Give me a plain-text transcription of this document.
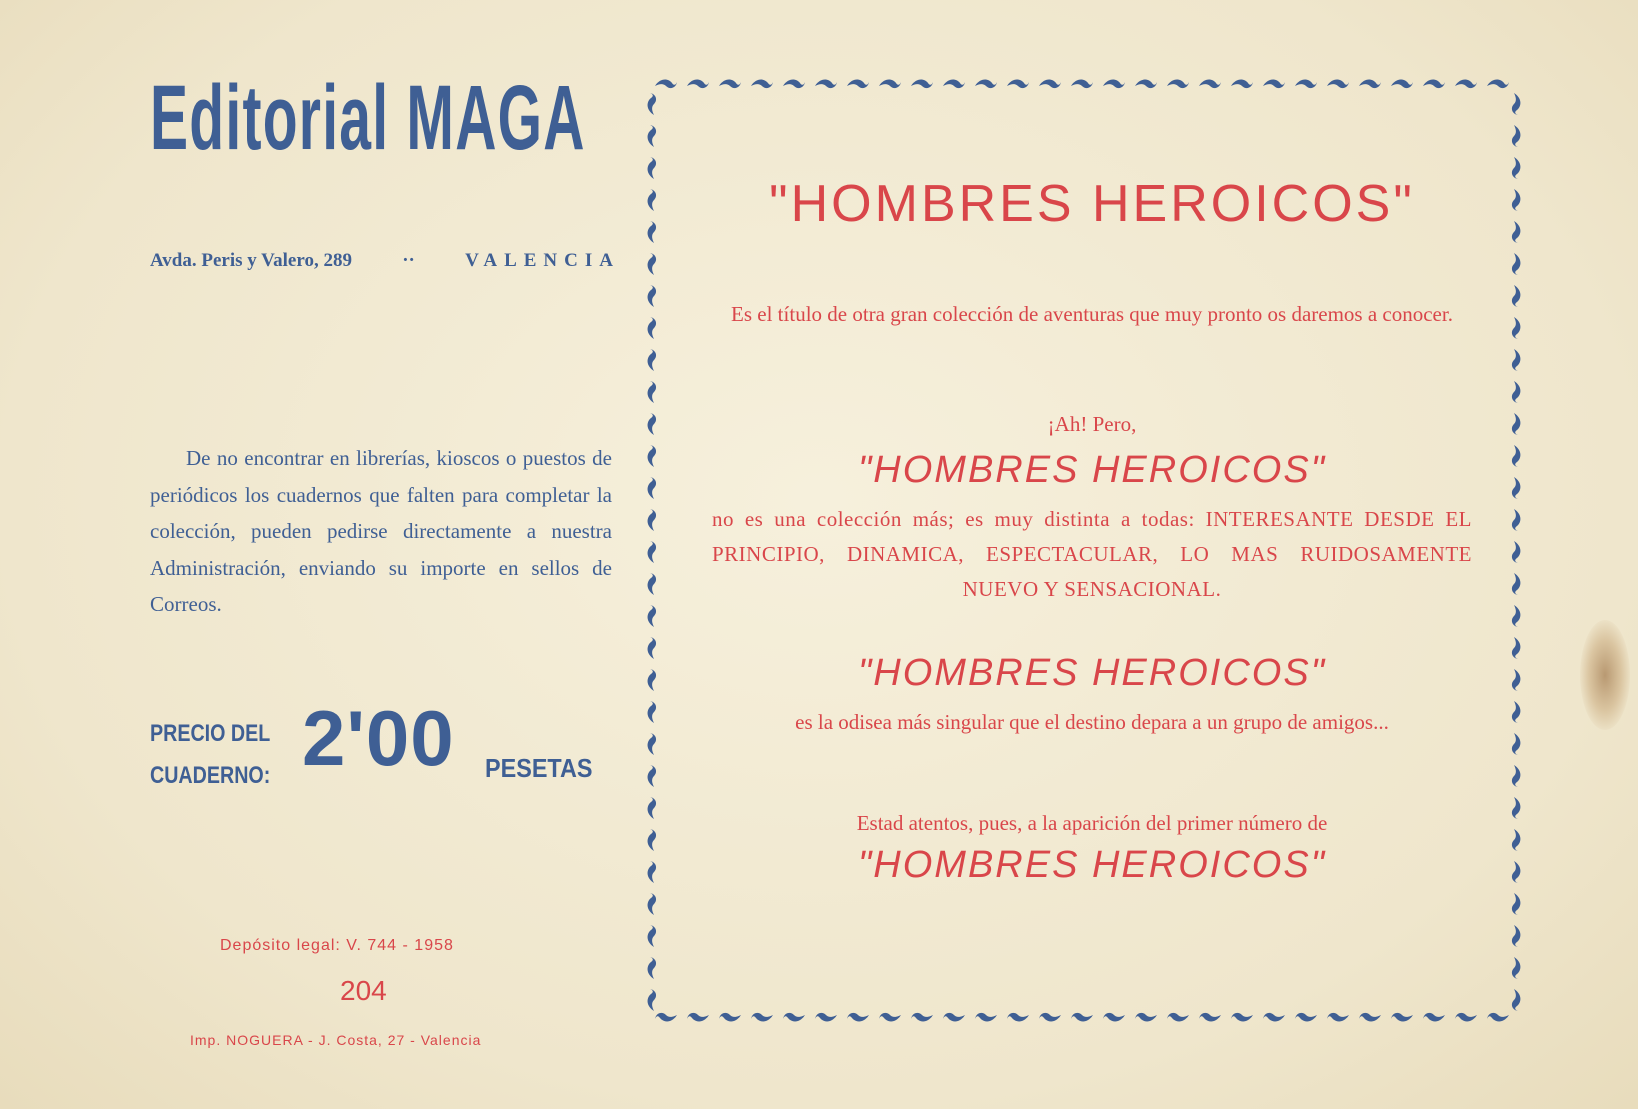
Editorial MAGA
Avda. Peris y Valero, 289	··	VALENCIA
De no encontrar en librerías, kioscos o puestos de periódicos los cuadernos que falten para completar la colección, pueden pedirse directamente a nuestra Administración, enviando su importe en sellos de Correos.
PRECIO DEL
CUADERNO: 2'00 PESETAS
Depósito legal: V. 744 - 1958
204
Imp. NOGUERA - J. Costa, 27 - Valencia
"HOMBRES HEROICOS"
Es el título de otra gran colección de aventuras que muy pronto os daremos a conocer.
¡Ah! Pero,
"HOMBRES HEROICOS"
no es una colección más; es muy distinta a todas: INTERESANTE DESDE EL PRINCIPIO, DINAMICA, ESPECTACULAR, LO MAS RUIDOSAMENTE NUEVO Y SENSACIONAL.
"HOMBRES HEROICOS"
es la odisea más singular que el destino depara a un grupo de amigos...
Estad atentos, pues, a la aparición del primer número de
"HOMBRES HEROICOS"
